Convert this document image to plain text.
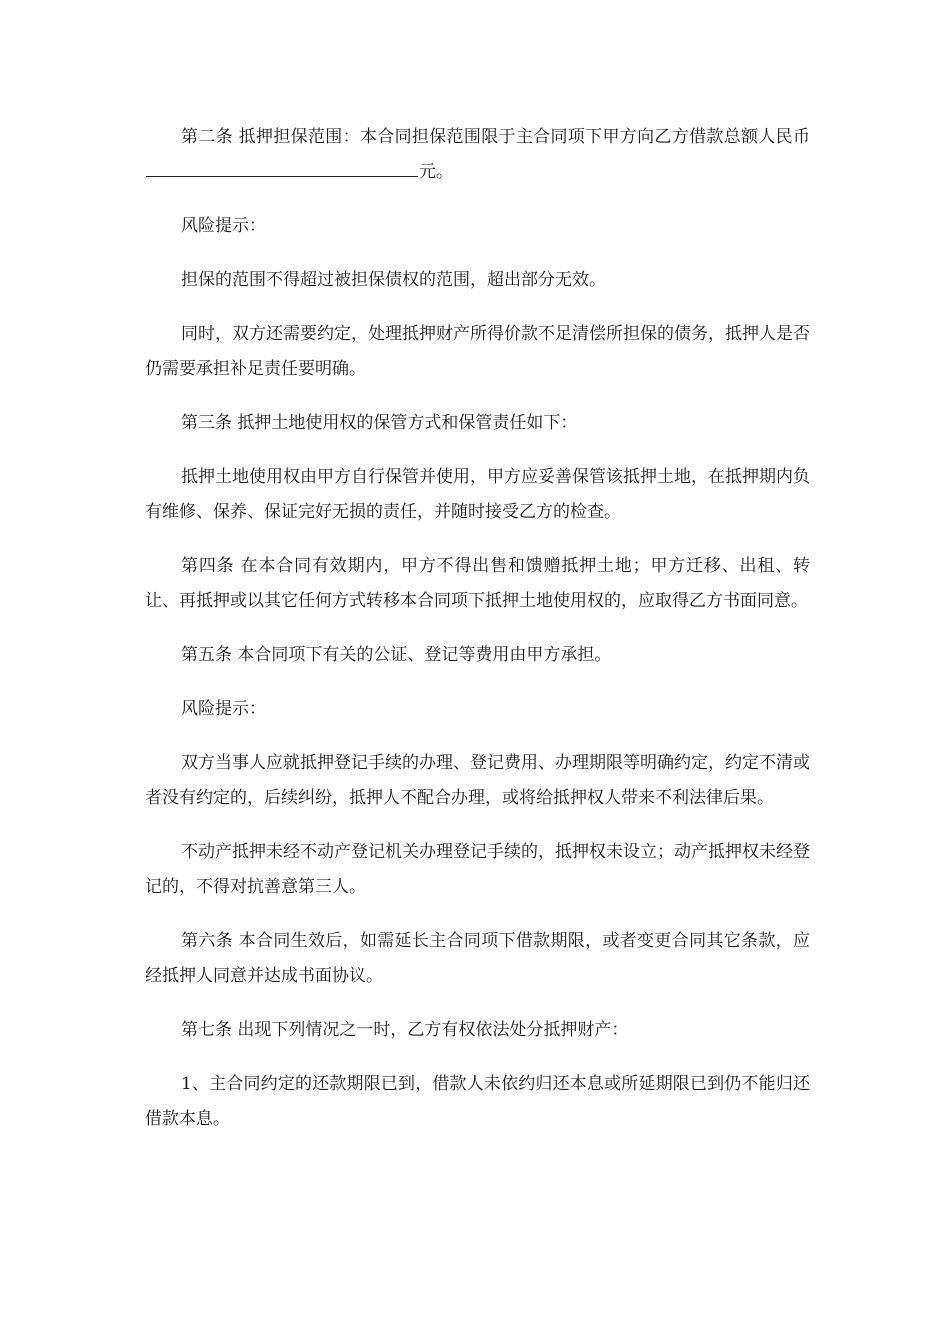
第二条 抵押担保范围：本合同担保范围限于主合同项下甲方向乙方借款总额人民币元。

风险提示：

担保的范围不得超过被担保债权的范围，超出部分无效。

同时，双方还需要约定，处理抵押财产所得价款不足清偿所担保的债务，抵押人是否仍需要承担补足责任要明确。

第三条 抵押土地使用权的保管方式和保管责任如下：

抵押土地使用权由甲方自行保管并使用，甲方应妥善保管该抵押土地，在抵押期内负有维修、保养、保证完好无损的责任，并随时接受乙方的检查。

第四条 在本合同有效期内，甲方不得出售和馈赠抵押土地；甲方迁移、出租、转让、再抵押或以其它任何方式转移本合同项下抵押土地使用权的，应取得乙方书面同意。

第五条 本合同项下有关的公证、登记等费用由甲方承担。

风险提示：

双方当事人应就抵押登记手续的办理、登记费用、办理期限等明确约定，约定不清或者没有约定的，后续纠纷，抵押人不配合办理，或将给抵押权人带来不利法律后果。

不动产抵押未经不动产登记机关办理登记手续的，抵押权未设立；动产抵押权未经登记的，不得对抗善意第三人。

第六条 本合同生效后，如需延长主合同项下借款期限，或者变更合同其它条款，应经抵押人同意并达成书面协议。

第七条 出现下列情况之一时，乙方有权依法处分抵押财产：

1、主合同约定的还款期限已到，借款人未依约归还本息或所延期限已到仍不能归还借款本息。
